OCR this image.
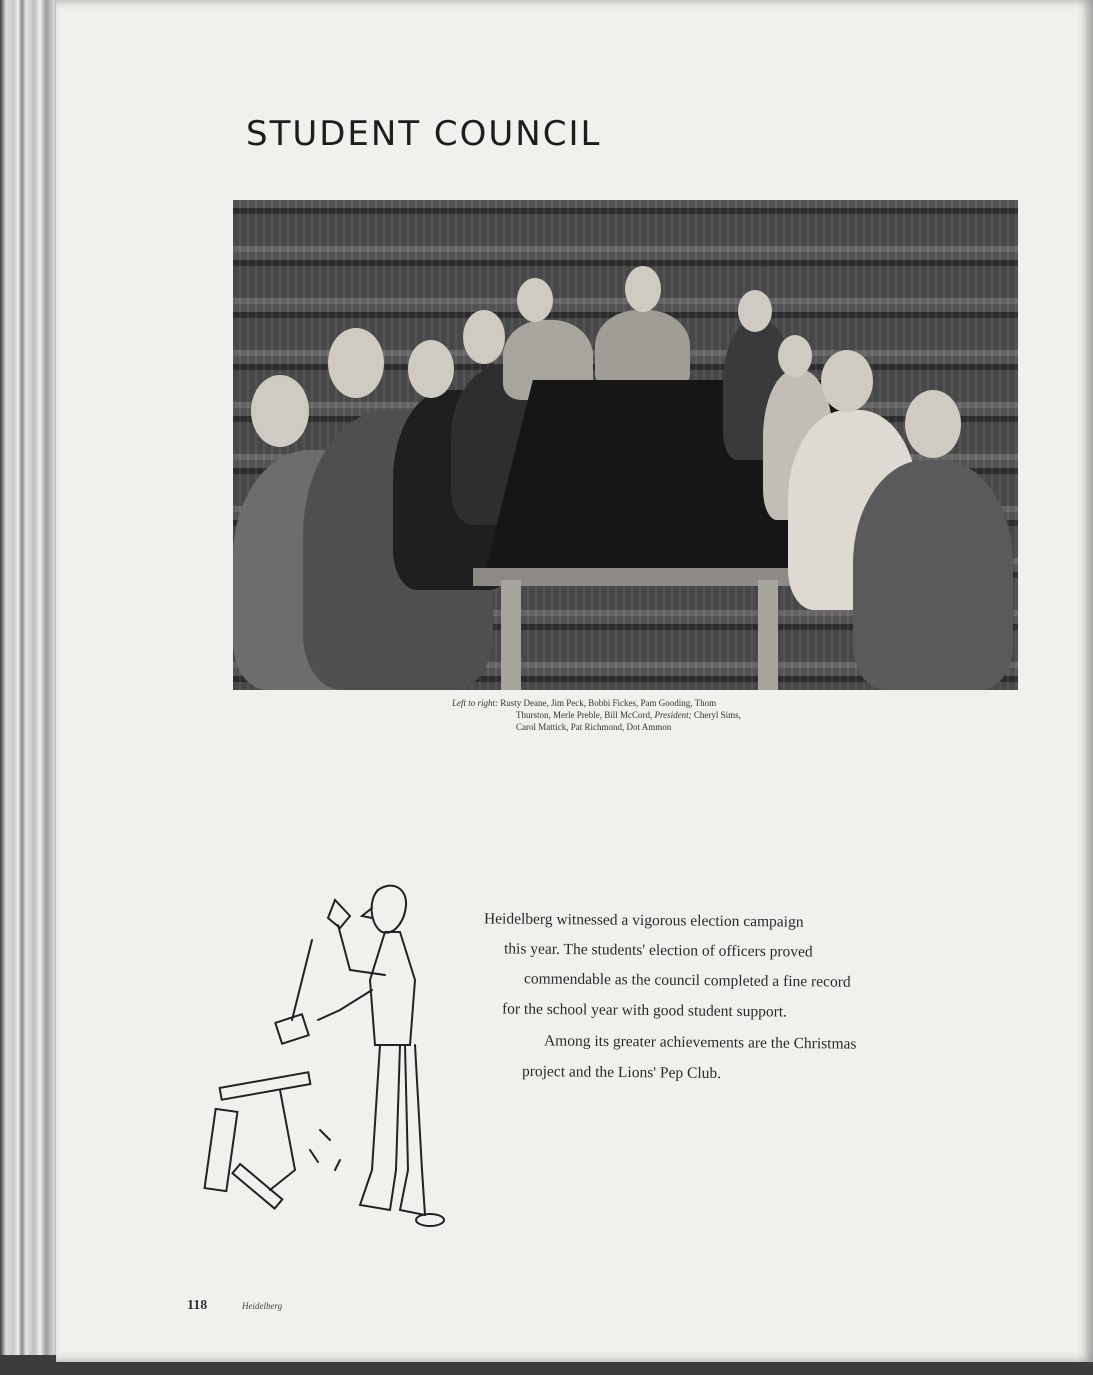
STUDENT COUNCIL
Left to right: Rusty Deane, Jim Peck, Bobbi Fickes, Pam Gooding, Thom
Thurston, Merle Preble, Bill McCord, President; Cheryl Sims,
Carol Mattick, Pat Richmond, Dot Ammon
Heidelberg witnessed a vigorous election campaign
this year. The students' election of officers proved
commendable as the council completed a fine record
for the school year with good student support.
Among its greater achievements are the Christmas
project and the Lions' Pep Club.
118	Heidelberg
